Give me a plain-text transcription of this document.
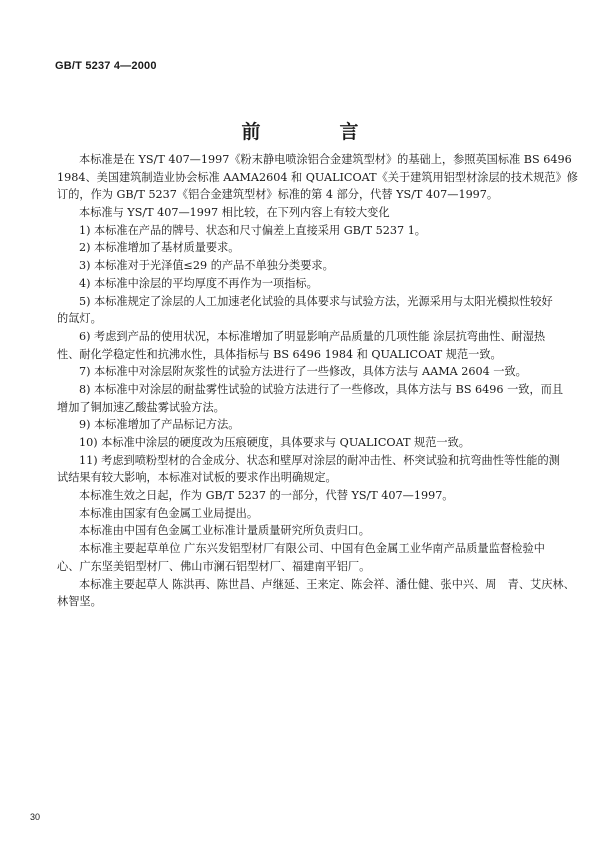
GB/T 5237 4—2000
前　言
本标准是在 YS/T 407—1997《粉末静电喷涂铝合金建筑型材》的基础上，参照英国标准 BS 6496
1984、美国建筑制造业协会标准 AAMA2604 和 QUALICOAT《关于建筑用铝型材涂层的技术规范》修
订的，作为 GB/T 5237《铝合金建筑型材》标准的第 4 部分，代替 YS/T 407—1997。
本标准与 YS/T 407—1997 相比较，在下列内容上有较大变化
1) 本标准在产品的牌号、状态和尺寸偏差上直接采用 GB/T 5237 1。
2) 本标准增加了基材质量要求。
3) 本标准对于光泽值≤29 的产品不单独分类要求。
4) 本标准中涂层的平均厚度不再作为一项指标。
5) 本标准规定了涂层的人工加速老化试验的具体要求与试验方法，光源采用与太阳光模拟性较好
的氙灯。
6) 考虑到产品的使用状况，本标准增加了明显影响产品质量的几项性能 涂层抗弯曲性、耐湿热
性、耐化学稳定性和抗沸水性，具体指标与 BS 6496 1984 和 QUALICOAT 规范一致。
7) 本标准中对涂层附灰浆性的试验方法进行了一些修改，具体方法与 AAMA 2604 一致。
8) 本标准中对涂层的耐盐雾性试验的试验方法进行了一些修改，具体方法与 BS 6496 一致，而且
增加了铜加速乙酸盐雾试验方法。
9) 本标准增加了产品标记方法。
10) 本标准中涂层的硬度改为压痕硬度，具体要求与 QUALICOAT 规范一致。
11) 考虑到喷粉型材的合金成分、状态和壁厚对涂层的耐冲击性、杯突试验和抗弯曲性等性能的测
试结果有较大影响，本标准对试板的要求作出明确规定。
本标准生效之日起，作为 GB/T 5237 的一部分，代替 YS/T 407—1997。
本标准由国家有色金属工业局提出。
本标准由中国有色金属工业标准计量质量研究所负责归口。
本标准主要起草单位 广东兴发铝型材厂有限公司、中国有色金属工业华南产品质量监督检验中
心、广东坚美铝型材厂、佛山市澜石铝型材厂、福建南平铝厂。
本标准主要起草人 陈洪再、陈世昌、卢继延、王来定、陈会祥、潘仕健、张中兴、周　青、艾庆林、
林智坚。
30
